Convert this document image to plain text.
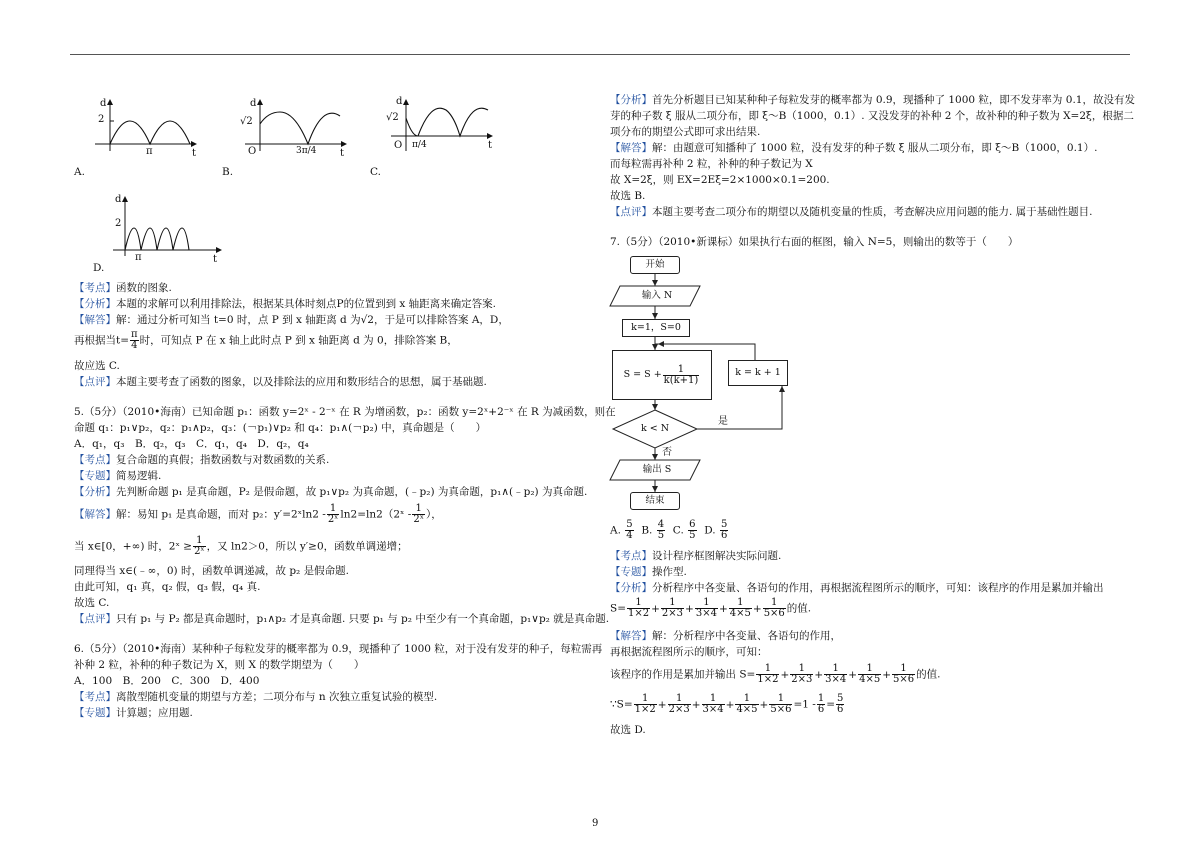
d
2
π	t
A.
d
√2
O	3π/4 t
B.
d
√2
O π/4	t
C.
d
2
π	t
D.
【考点】函数的图象.
【分析】本题的求解可以利用排除法，根据某具体时刻点P的位置到到 x 轴距离来确定答案.
【解答】解：通过分析可知当 t=0 时，点 P 到 x 轴距离 d 为√2，于是可以排除答案 A，D，
再根据当$t= \frac{\pi}{4}$ 时，可知点 P 在 x 轴上此时点 P 到 x 轴距离 d 为 0，排除答案 B，
故应选 C.
【点评】本题主要考查了函数的图象，以及排除法的应用和数形结合的思想，属于基础题.
5.（5分）（2010•海南）已知命题 p₁：函数 y=2ˣ - 2⁻ˣ 在 R 为增函数，p₂：函数 y=2ˣ+2⁻ˣ 在 R 为减函数，则在
命题 q₁：p₁∨p₂，q₂：p₁∧p₂，q₃：(￢p₁)∨p₂ 和 q₄：p₁∧(￢p₂) 中，真命题是（　　）
A．q₁，q₃　B．q₂，q₃　C．q₁，q₄　D．q₂，q₄
【考点】复合命题的真假；指数函数与对数函数的关系.
【专题】简易逻辑.
【分析】先判断命题 p₁ 是真命题，P₂ 是假命题，故 p₁∨p₂ 为真命题，(﹣p₂) 为真命题，p₁∧(﹣p₂) 为真命题.
【解答】解：易知 p₁ 是真命题，而对 p₂：y′=2ˣln2 - $\frac{1}{\text{2ˣ}}$ ln2=ln2（2ˣ - $\frac{1}{\text{2ˣ}}$ ），
当 x∈[0，+∞) 时，2ˣ ≥ $\frac{1}{\text{2ˣ}}$ ，又 ln2＞0，所以 y′≥0，函数单调递增；
同理得当 x∈(﹣∞，0) 时，函数单调递减，故 p₂ 是假命题.
由此可知，q₁ 真，q₂ 假，q₃ 假，q₄ 真.
故选 C.
【点评】只有 p₁ 与 P₂ 都是真命题时，p₁∧p₂ 才是真命题. 只要 p₁ 与 p₂ 中至少有一个真命题，p₁∨p₂ 就是真命题.
6.（5分）（2010•海南）某种种子每粒发芽的概率都为 0.9，现播种了 1000 粒，对于没有发芽的种子，每粒需再
补种 2 粒，补种的种子数记为 X，则 X 的数学期望为（　　）
A．100　B．200　C．300　D．400
【考点】离散型随机变量的期望与方差；二项分布与 n 次独立重复试验的模型.
【专题】计算题；应用题.
【分析】首先分析题目已知某种种子每粒发芽的概率都为 0.9，现播种了 1000 粒，即不发芽率为 0.1，故没有发
芽的种子数 ξ 服从二项分布，即 ξ～B（1000，0.1）. 又没发芽的补种 2 个，故补种的种子数为 X=2ξ，根据二
项分布的期望公式即可求出结果.
【解答】解：由题意可知播种了 1000 粒，没有发芽的种子数 ξ 服从二项分布，即 ξ～B（1000，0.1）.
而每粒需再补种 2 粒，补种的种子数记为 X
故 X=2ξ，则 EX=2Eξ=2×1000×0.1=200.
故选 B.
【点评】本题主要考查二项分布的期望以及随机变量的性质，考查解决应用问题的能力. 属于基础性题目.
7.（5分）（2010•新课标）如果执行右面的框图，输入 N=5，则输出的数等于（　　）
开始
输入 N
k=1，S=0
$S = S + \frac{1}{k(k+1)}$	k = k + 1
k < N
是
否
输出 S
结束
A. $\frac{5}{4} B$. $\frac{4}{5} C$. $\frac{6}{5} D$. $\frac{5}{6}$
【考点】设计程序框图解决实际问题.
【专题】操作型.
【分析】分析程序中各变量、各语句的作用，再根据流程图所示的顺序，可知：该程序的作用是累加并输出
$S= \frac{1}{1\times 2} + \frac{1}{2\times 3} + \frac{1}{3\times 4} + \frac{1}{4\times 5} + \frac{1}{5\times 6}$ 的值.
【解答】解：分析程序中各变量、各语句的作用，
再根据流程图所示的顺序，可知：
该程序的作用是累加并输出 $S= \frac{1}{1\times 2} + \frac{1}{2\times 3} + \frac{1}{3\times 4} + \frac{1}{4\times 5} + \frac{1}{5\times 6}$ 的值.
∵S= $\frac{1}{1\times 2} + \frac{1}{2\times 3} + \frac{1}{3\times 4} + \frac{1}{4\times 5} + \frac{1}{5\times 6} =1 - \frac{1}{6} = \frac{5}{6}$
故选 D.
9
